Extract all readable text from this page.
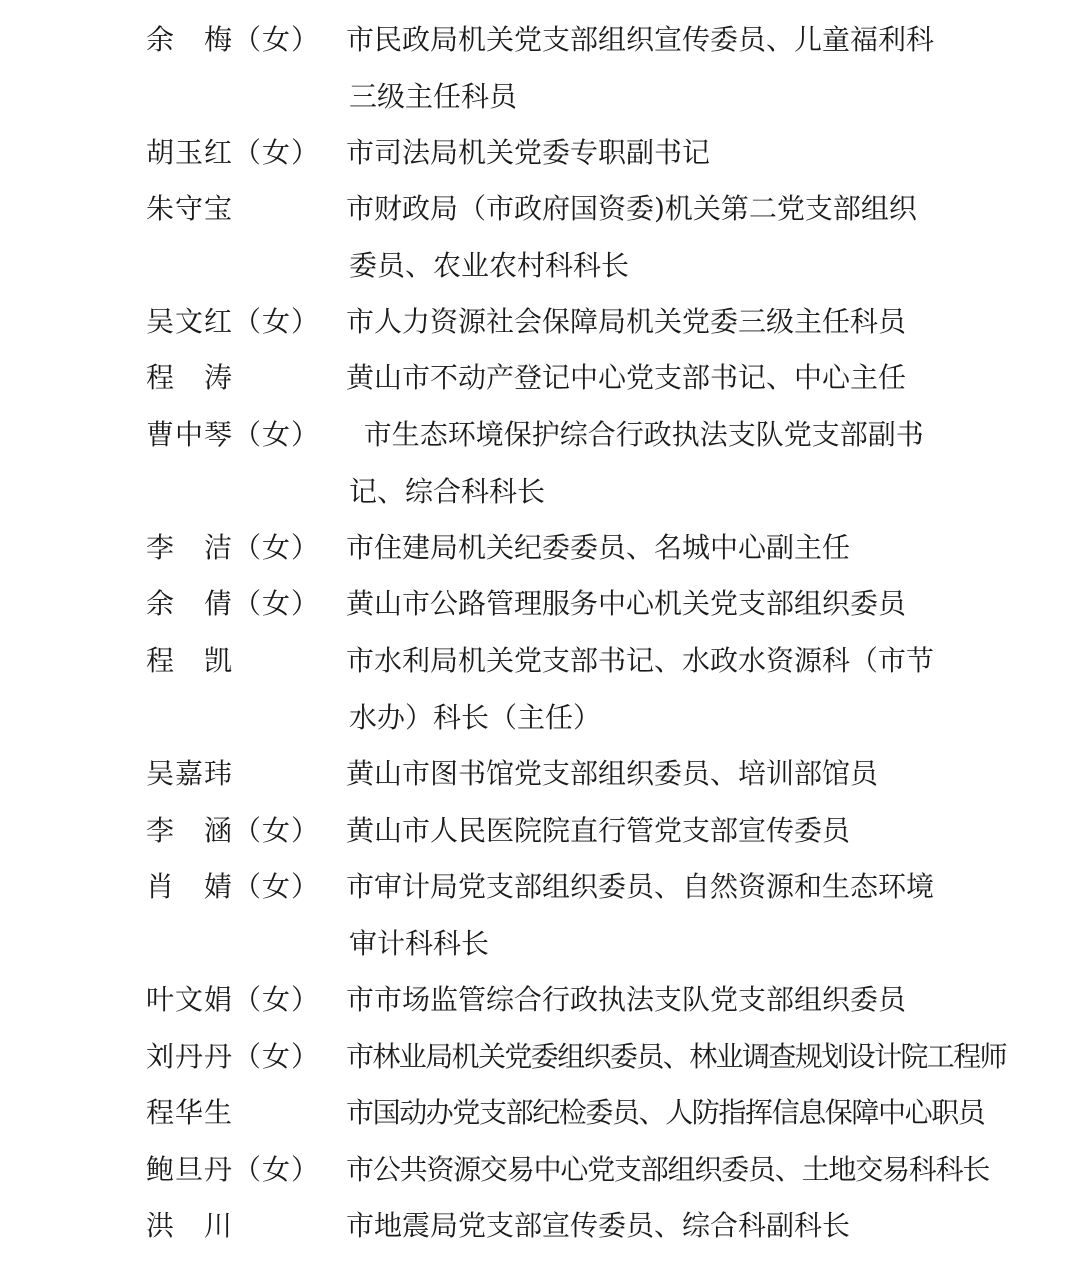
余　梅（女） 市民政局机关党支部组织宣传委员、儿童福利科
三级主任科员
胡玉红（女） 市司法局机关党委专职副书记
朱守宝	市财政局（市政府国资委)机关第二党支部组织
委员、农业农村科科长
吴文红（女） 市人力资源社会保障局机关党委三级主任科员
程　涛	黄山市不动产登记中心党支部书记、中心主任
曹中琴（女） 市生态环境保护综合行政执法支队党支部副书
记、综合科科长
李　洁（女） 市住建局机关纪委委员、名城中心副主任
余　倩（女） 黄山市公路管理服务中心机关党支部组织委员
程　凯	市水利局机关党支部书记、水政水资源科（市节
水办）科长（主任）
吴嘉玮	黄山市图书馆党支部组织委员、培训部馆员
李　涵（女） 黄山市人民医院院直行管党支部宣传委员
肖　婧（女） 市审计局党支部组织委员、自然资源和生态环境
审计科科长
叶文娟（女） 市市场监管综合行政执法支队党支部组织委员
刘丹丹（女） 市林业局机关党委组织委员、林业调查规划设计院工程师
程华生	市国动办党支部纪检委员、人防指挥信息保障中心职员
鲍旦丹（女） 市公共资源交易中心党支部组织委员、土地交易科科长
洪　川	市地震局党支部宣传委员、综合科副科长
